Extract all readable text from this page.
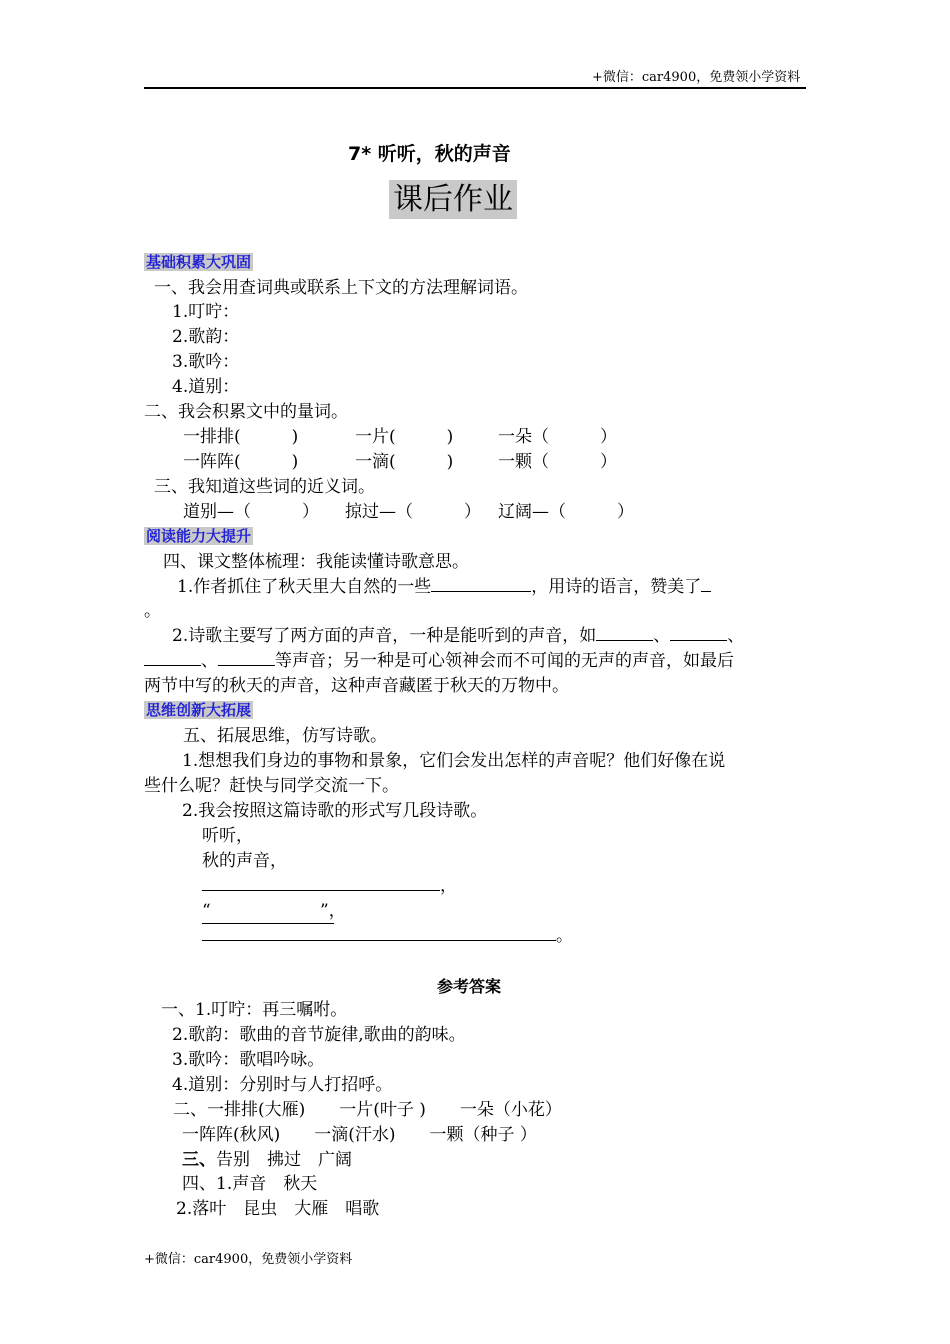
+微信：car4900，免费领小学资料
7* 听听，秋的声音
课后作业
基础积累大巩固
一、我会用查词典或联系上下文的方法理解词语。
1.叮咛：
2.歌韵：
3.歌吟：
4.道别：
二、我会积累文中的量词。
一排排(　　　)	一片(　　　)	一朵（　　　）
一阵阵(　　　)	一滴(　　　)	一颗（　　　）
三、我知道这些词的近义词。
道别—（　　　） 掠过—（　　　） 辽阔—（　　　）
阅读能力大提升
四、课文整体梳理：我能读懂诗歌意思。
1.作者抓住了秋天里大自然的一些	，用诗的语言，赞美了
。
2.诗歌主要写了两方面的声音，一种是能听到的声音，如	、	、
、	等声音；另一种是可心领神会而不可闻的无声的声音，如最后
两节中写的秋天的声音，这种声音藏匿于秋天的万物中。
思维创新大拓展
五、拓展思维，仿写诗歌。
1.想想我们身边的事物和景象，它们会发出怎样的声音呢？他们好像在说
些什么呢？赶快与同学交流一下。
2.我会按照这篇诗歌的形式写几段诗歌。
听听，
秋的声音，
，
“	”，
。
参考答案
一、1.叮咛：再三嘱咐。
2.歌韵：歌曲的音节旋律,歌曲的韵味。
3.歌吟：歌唱吟咏。
4.道别：分别时与人打招呼。
二、一排排(大雁)　　一片(叶子 )　　一朵（小花）
一阵阵(秋风)　　一滴(汗水)　　一颗（种子 ）
三、告别　拂过　广阔
四、1.声音　秋天
2.落叶　昆虫　大雁　唱歌
+微信：car4900，免费领小学资料
